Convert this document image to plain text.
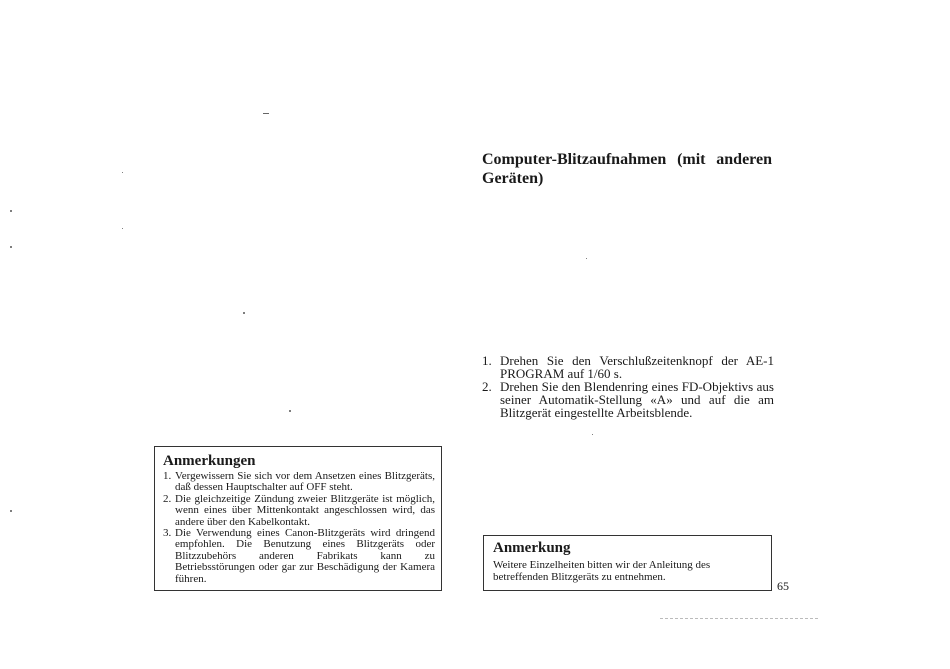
Computer-Blitzaufnahmen (mit anderen Geräten)
1. Drehen Sie den Verschlußzeitenknopf der AE-1 PROGRAM auf 1/60 s.
2. Drehen Sie den Blendenring eines FD-Objektivs aus seiner Automatik-Stellung «A» und auf die am Blitzgerät eingestellte Arbeitsblende.
Anmerkungen
1. Vergewissern Sie sich vor dem Ansetzen eines Blitzgeräts, daß dessen Hauptschalter auf OFF steht.
2. Die gleichzeitige Zündung zweier Blitzgeräte ist möglich, wenn eines über Mittenkontakt angeschlossen wird, das andere über den Kabelkontakt.
3. Die Verwendung eines Canon-Blitzgeräts wird dringend empfohlen. Die Benutzung eines Blitzgeräts oder Blitzzubehörs anderen Fabrikats kann zu Betriebsstörungen oder gar zur Beschädigung der Kamera führen.
Anmerkung

Weitere Einzelheiten bitten wir der Anleitung des betreffenden Blitzgeräts zu entnehmen.

65
